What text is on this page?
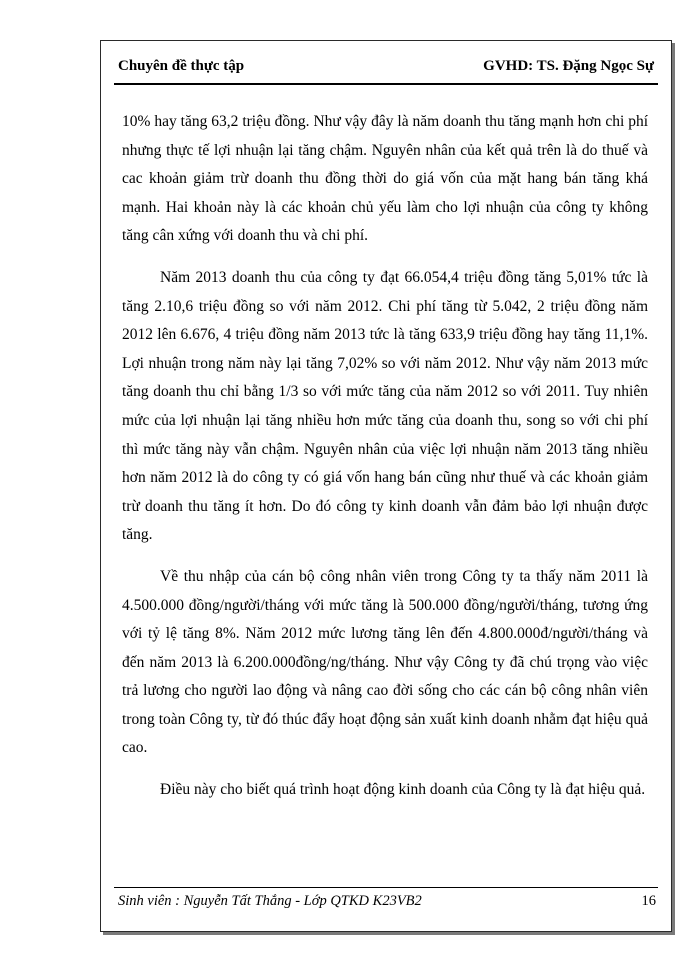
Chuyên đề thực tập	GVHD: TS. Đặng Ngọc Sự

10% hay tăng 63,2 triệu đồng. Như vậy đây là năm doanh thu tăng mạnh hơn chi phí nhưng thực tế lợi nhuận lại tăng chậm. Nguyên nhân của kết quả trên là do thuế và cac khoản giảm trừ doanh thu đồng thời do giá vốn của mặt hang bán tăng khá mạnh. Hai khoản này là các khoản chủ yếu làm cho lợi nhuận của công ty không tăng cân xứng với doanh thu và chi phí.

Năm 2013 doanh thu của công ty đạt 66.054,4 triệu đồng tăng 5,01% tức là tăng 2.10,6 triệu đồng so với năm 2012. Chi phí tăng từ 5.042, 2 triệu đồng năm 2012 lên 6.676, 4 triệu đồng năm 2013 tức là tăng 633,9 triệu đồng hay tăng 11,1%. Lợi nhuận trong năm này lại tăng 7,02% so với năm 2012. Như vậy năm 2013 mức tăng doanh thu chỉ bằng 1/3 so với mức tăng của năm 2012 so với 2011. Tuy nhiên mức của lợi nhuận lại tăng nhiều hơn mức tăng của doanh thu, song so với chi phí thì mức tăng này vẫn chậm. Nguyên nhân của việc lợi nhuận năm 2013 tăng nhiều hơn năm 2012 là do công ty có giá vốn hang bán cũng như thuế và các khoản giảm trừ doanh thu tăng ít hơn. Do đó công ty kinh doanh vẫn đảm bảo lợi nhuận được tăng.

Về thu nhập của cán bộ công nhân viên trong Công ty ta thấy năm 2011 là 4.500.000 đồng/người/tháng với mức tăng là 500.000 đồng/người/tháng, tương ứng với tỷ lệ tăng 8%. Năm 2012 mức lương tăng lên đến 4.800.000đ/người/tháng và đến năm 2013 là 6.200.000đồng/ng/tháng. Như vậy Công ty đã chú trọng vào việc trả lương cho người lao động và nâng cao đời sống cho các cán bộ công nhân viên trong toàn Công ty, từ đó thúc đẩy hoạt động sản xuất kinh doanh nhằm đạt hiệu quả cao.

Điều này cho biết quá trình hoạt động kinh doanh của Công ty là đạt hiệu quả.

Sinh viên : Nguyễn Tất Thắng - Lớp QTKD K23VB2	16
